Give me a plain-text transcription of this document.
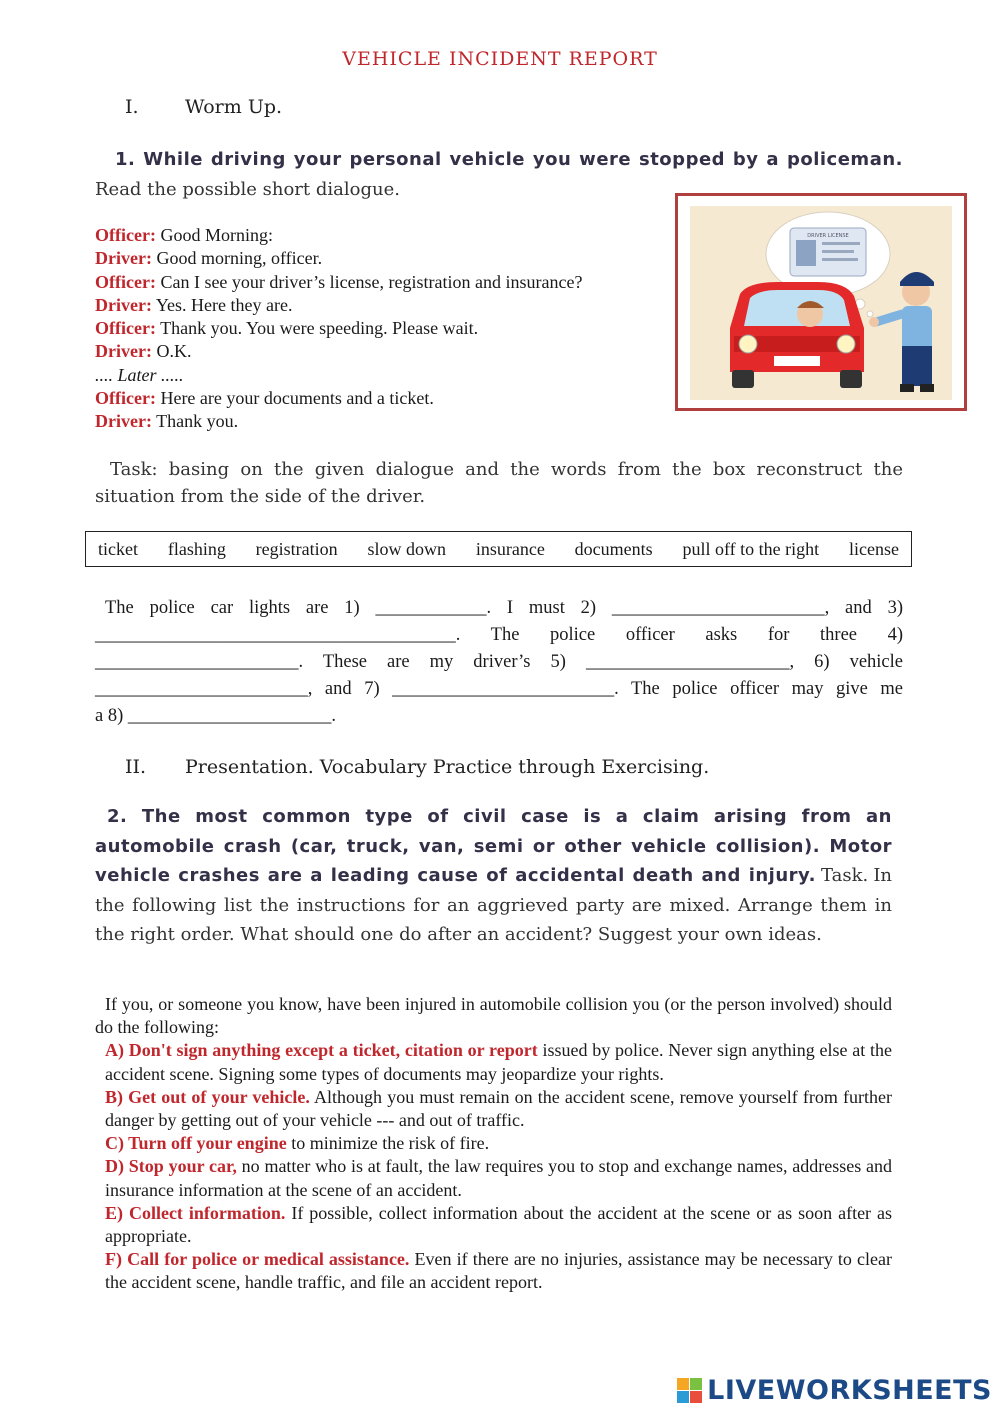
VEHICLE INCIDENT REPORT
I. Worm Up.
1. While driving your personal vehicle you were stopped by a policeman. Read the possible short dialogue.
Officer: Good Morning:
Driver: Good morning, officer.
Officer: Can I see your driver’s license, registration and insurance?
Driver: Yes. Here they are.
Officer: Thank you. You were speeding. Please wait.
Driver: O.K.
.... Later .....
Officer: Here are your documents and a ticket.
Driver: Thank you.
DRIVER LICENSE
Task: basing on the given dialogue and the words from the box reconstruct the situation from the side of the driver.
ticket flashing registration slow down insurance documents pull off to the right license

The police car lights are 1) ____________. I must 2) _______________________, and 3)

_______________________________________. The police officer asks for three 4)

______________________. These are my driver’s 5) ______________________, 6) vehicle

_______________________, and 7) ________________________. The police officer may give me

a 8) ______________________.

II. Presentation. Vocabulary Practice through Exercising.
2. The most common type of civil case is a claim arising from an automobile crash (car, truck, van, semi or other vehicle collision). Motor vehicle crashes are a leading cause of accidental death and injury. Task. In the following list the instructions for an aggrieved party are mixed. Arrange them in the right order. What should one do after an accident? Suggest your own ideas.
If you, or someone you know, have been injured in automobile collision you (or the person involved) should do the following:
A) Don't sign anything except a ticket, citation or report issued by police. Never sign anything else at the accident scene. Signing some types of documents may jeopardize your rights.
B) Get out of your vehicle. Although you must remain on the accident scene, remove yourself from further danger by getting out of your vehicle --- and out of traffic.
C) Turn off your engine to minimize the risk of fire.
D) Stop your car, no matter who is at fault, the law requires you to stop and exchange names, addresses and insurance information at the scene of an accident.
E) Collect information. If possible, collect information about the accident at the scene or as soon after as appropriate.
F) Call for police or medical assistance. Even if there are no injuries, assistance may be necessary to clear the accident scene, handle traffic, and file an accident report.
LIVEWORKSHEETS
